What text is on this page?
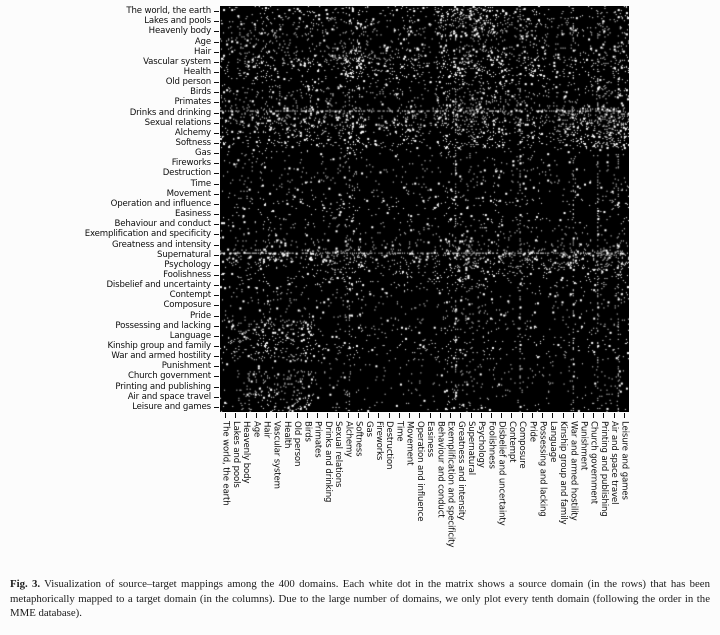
The world, the earth
Lakes and pools
Heavenly body
Age
Hair
Vascular system
Health
Old person
Birds
Primates
Drinks and drinking
Sexual relations
Alchemy
Softness
Gas
Fireworks
Destruction
Time
Movement
Operation and influence
Easiness
Behaviour and conduct
Exemplification and specificity
Greatness and intensity
Supernatural
Psychology
Foolishness
Disbelief and uncertainty
Contempt
Composure
Pride
Possessing and lacking
Language
Kinship group and family
War and armed hostility
Punishment
Church government
Printing and publishing
Air and space travel
Leisure and games
The world, the earth Lakes and pools Heavenly body Age Hair Vascular system Health Old person Birds Primates Drinks and drinking Sexual relations Alchemy Softness Gas Fireworks Destruction Time Movement Operation and influence Easiness Behaviour and conduct Exemplification and specificity Greatness and intensity Supernatural Psychology Foolishness Disbelief and uncertainty Contempt Composure Pride Possessing and lacking Language Kinship group and family War and armed hostility Punishment Church government Printing and publishing Air and space travel Leisure and games

Fig. 3. Visualization of source–target mappings among the 400 domains. Each white dot in the matrix shows a source domain (in the rows) that has been metaphorically mapped to a target domain (in the columns). Due to the large number of domains, we only plot every tenth domain (following the order in the MME database).
